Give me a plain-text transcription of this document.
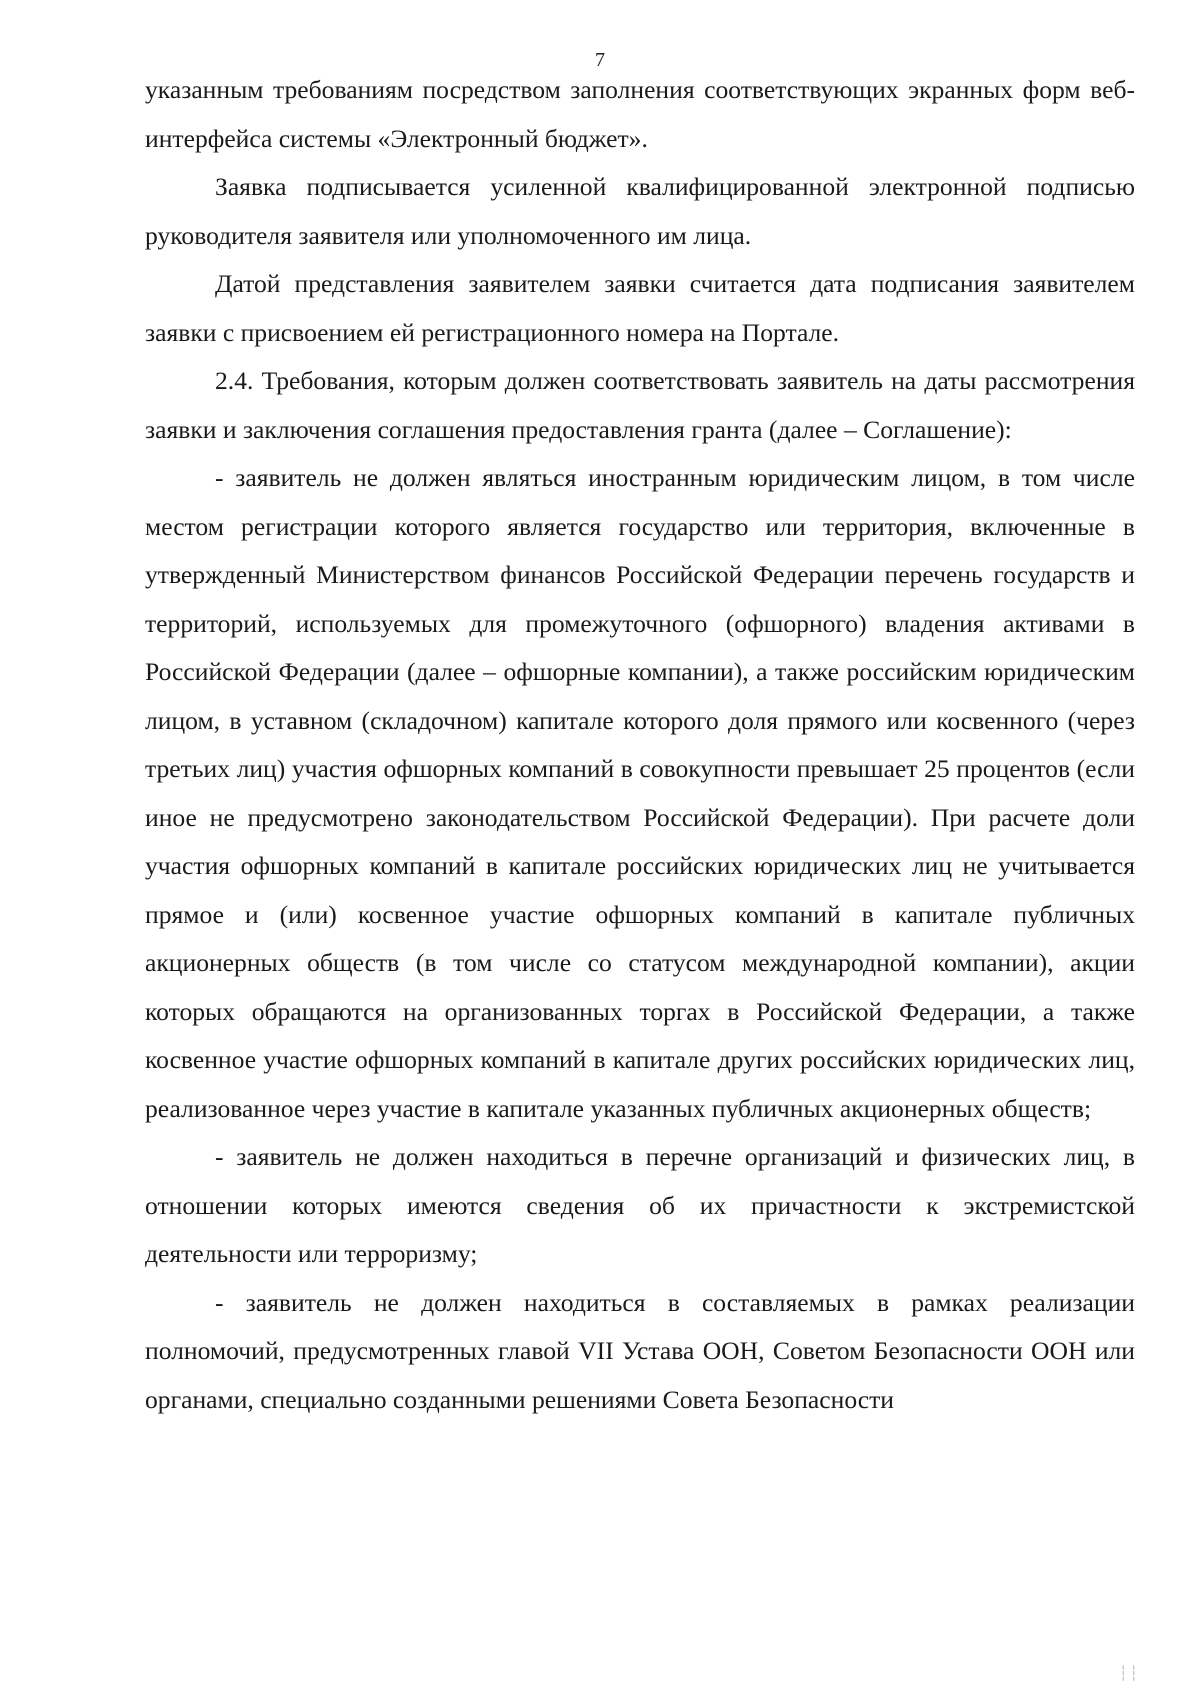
7

указанным требованиям посредством заполнения соответствующих экранных форм веб-интерфейса системы «Электронный бюджет».

Заявка подписывается усиленной квалифицированной электронной подписью руководителя заявителя или уполномоченного им лица.

Датой представления заявителем заявки считается дата подписания заявителем заявки с присвоением ей регистрационного номера на Портале.

2.4. Требования, которым должен соответствовать заявитель на даты рассмотрения заявки и заключения соглашения предоставления гранта (далее – Соглашение):

- заявитель не должен являться иностранным юридическим лицом, в том числе местом регистрации которого является государство или территория, включенные в утвержденный Министерством финансов Российской Федерации перечень государств и территорий, используемых для промежуточного (офшорного) владения активами в Российской Федерации (далее – офшорные компании), а также российским юридическим лицом, в уставном (складочном) капитале которого доля прямого или косвенного (через третьих лиц) участия офшорных компаний в совокупности превышает 25 процентов (если иное не предусмотрено законодательством Российской Федерации). При расчете доли участия офшорных компаний в капитале российских юридических лиц не учитывается прямое и (или) косвенное участие офшорных компаний в капитале публичных акционерных обществ (в том числе со статусом международной компании), акции которых обращаются на организованных торгах в Российской Федерации, а также косвенное участие офшорных компаний в капитале других российских юридических лиц, реализованное через участие в капитале указанных публичных акционерных обществ;

- заявитель не должен находиться в перечне организаций и физических лиц, в отношении которых имеются сведения об их причастности к экстремистской деятельности или терроризму;

- заявитель не должен находиться в составляемых в рамках реализации полномочий, предусмотренных главой VII Устава ООН, Советом Безопасности ООН или органами, специально созданными решениями Совета Безопасности

┆┆
